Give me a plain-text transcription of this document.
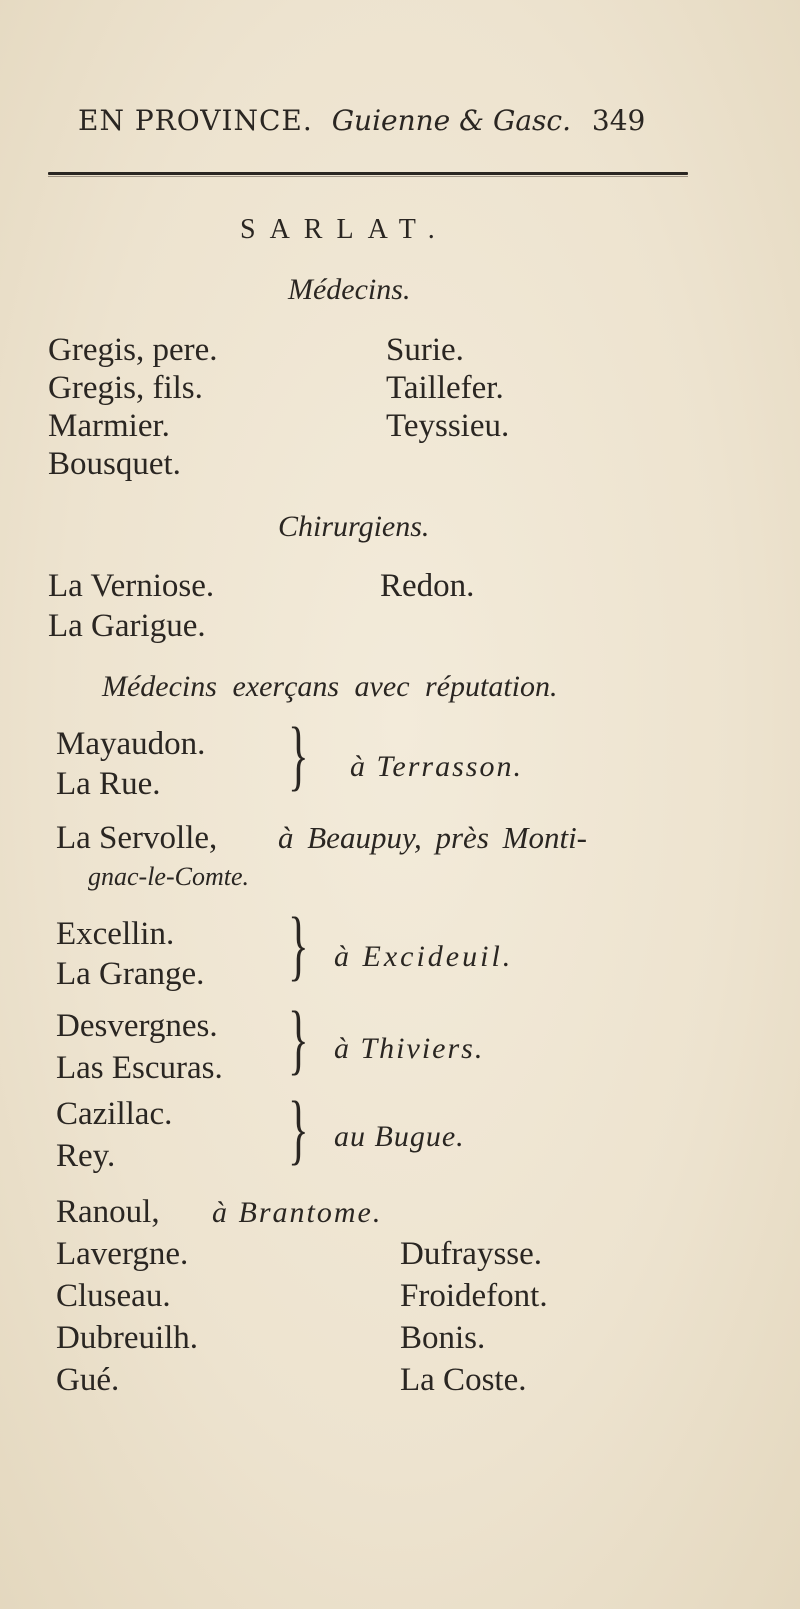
EN PROVINCE. Guienne & Gasc. 349
SARLAT.
Médecins.
Gregis, pere.
Gregis, fils.
Marmier.
Bousquet.
Surie.
Taillefer.
Teyssieu.
Chirurgiens.
La Verniose.
La Garigue.
Redon.
Médecins exerçans avec réputation.
Mayaudon.
La Rue. } à Terrasson.
La Servolle, à Beaupuy, près Monti-
gnac-le-Comte.
Excellin.
La Grange. } à Excideuil.
Desvergnes.
Las Escuras. } à Thiviers.
Cazillac.
Rey. } au Bugue.
Ranoul, à Brantome.
Lavergne.
Cluseau.
Dubreuilh.
Gué.
Dufraysse.
Froidefont.
Bonis.
La Coste.
